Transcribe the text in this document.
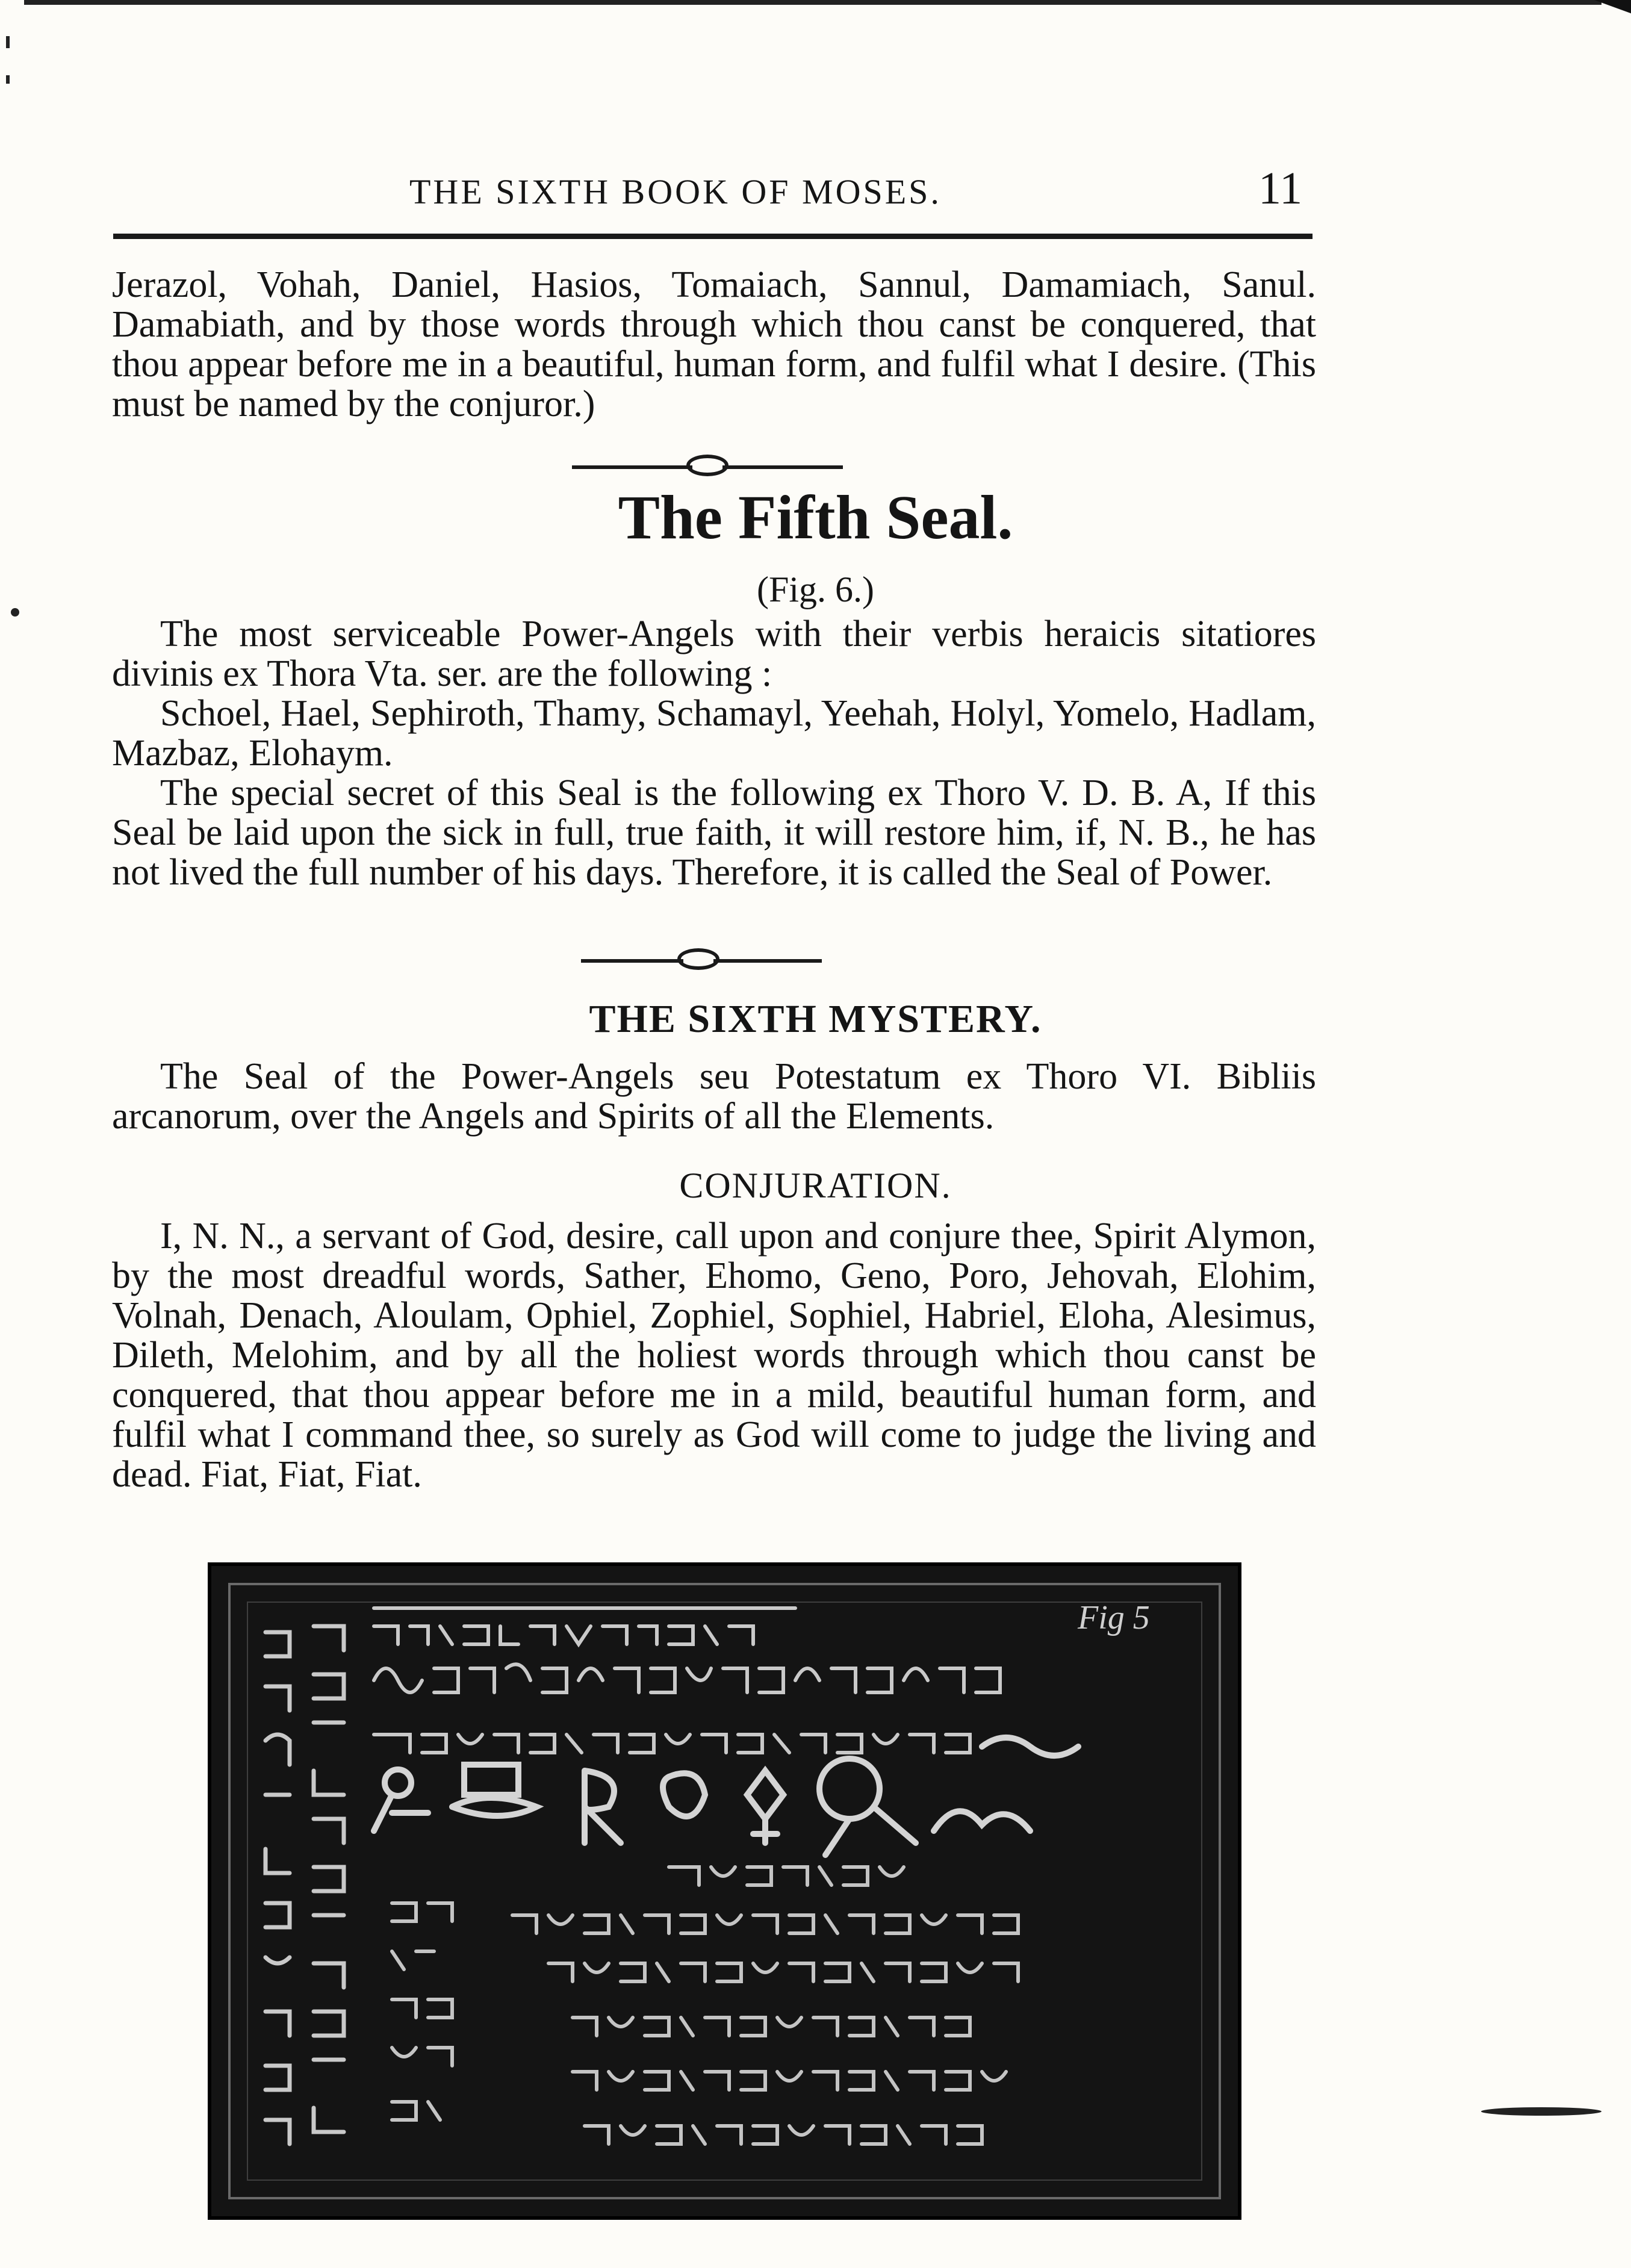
THE SIXTH BOOK OF MOSES.	11

Jerazol, Vohah, Daniel, Hasios, Tomaiach, Sannul, Damamiach, Sanul. Damabiath, and by those words through which thou canst be conquered, that thou appear before me in a beautiful, human form, and fulfil what I desire. (This must be named by the conjuror.)

The Fifth Seal.
(Fig. 6.)

The most serviceable Power-Angels with their verbis heraicis sitatiores divinis ex Thora Vta. ser. are the following :

Schoel, Hael, Sephiroth, Thamy, Schamayl, Yeehah, Holyl, Yomelo, Hadlam, Mazbaz, Elohaym.

The special secret of this Seal is the following ex Thoro V. D. B. A, If this Seal be laid upon the sick in full, true faith, it will restore him, if, N. B., he has not lived the full number of his days. Therefore, it is called the Seal of Power.

THE SIXTH MYSTERY.

The Seal of the Power-Angels seu Potestatum ex Thoro VI. Bibliis arcanorum, over the Angels and Spirits of all the Elements.

CONJURATION.

I, N. N., a servant of God, desire, call upon and conjure thee, Spirit Alymon, by the most dreadful words, Sather, Ehomo, Geno, Poro, Jehovah, Elohim, Volnah, Denach, Aloulam, Ophiel, Zophiel, Sophiel, Habriel, Eloha, Alesimus, Dileth, Melohim, and by all the holiest words through which thou canst be conquered, that thou appear before me in a mild, beautiful human form, and fulfil what I command thee, so surely as God will come to judge the living and dead. Fiat, Fiat, Fiat.

Fig 5
